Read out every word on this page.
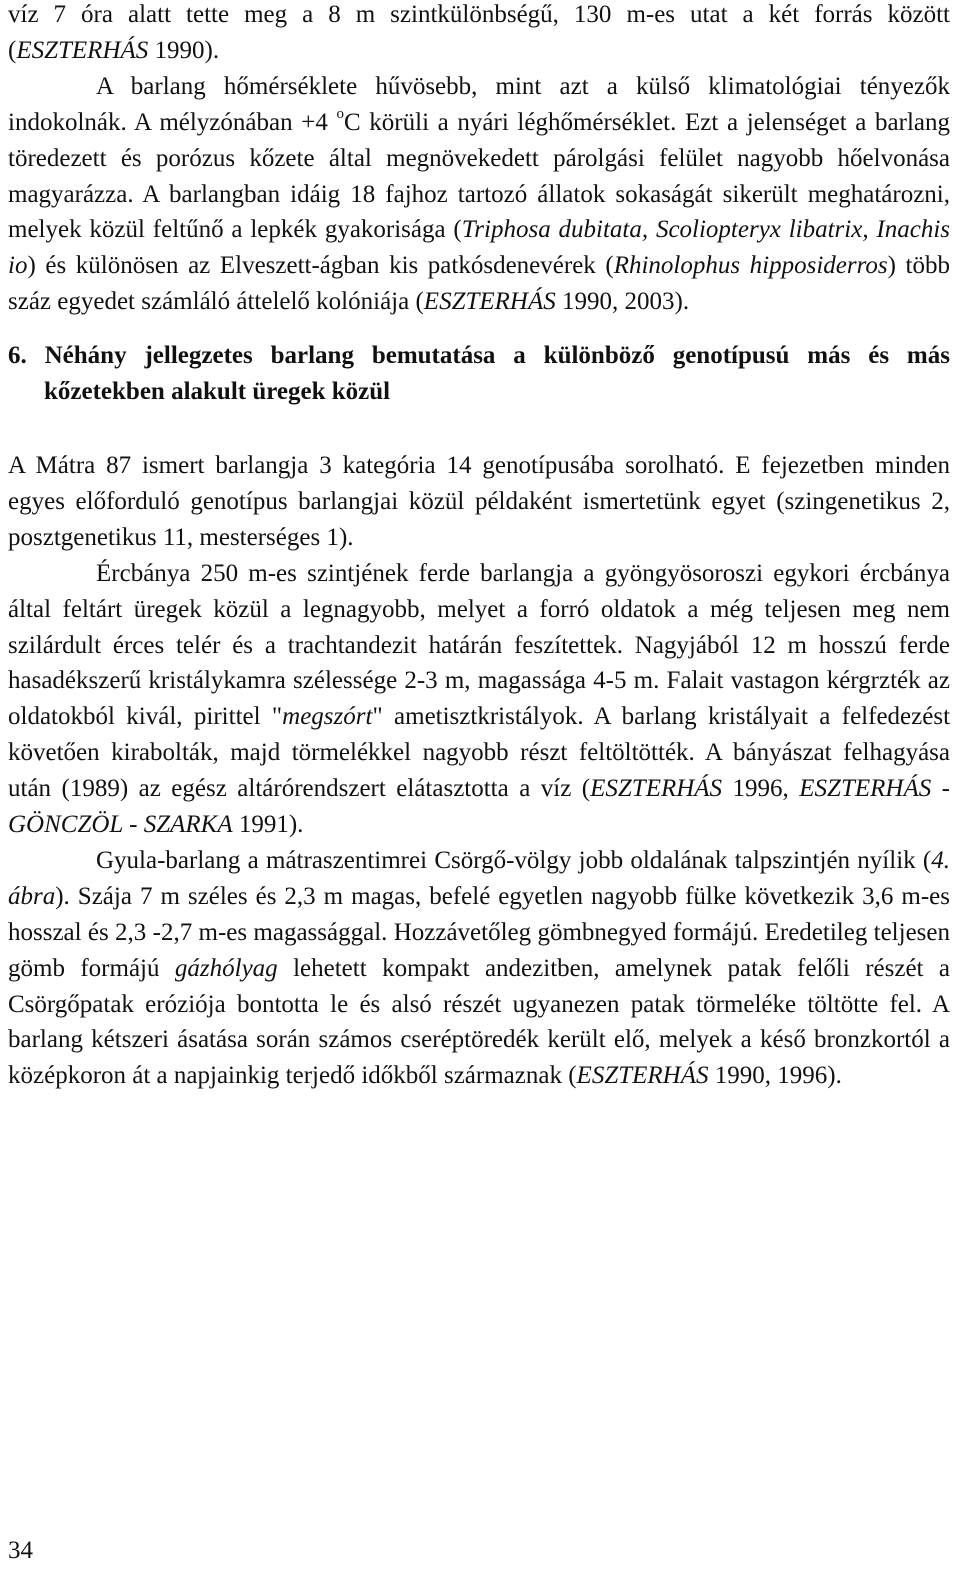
víz 7 óra alatt tette meg a 8 m szintkülönbségű, 130 m-es utat a két forrás között (ESZTERHÁS 1990).

A barlang hőmérséklete hűvösebb, mint azt a külső klimatológiai tényezők indokolnák. A mélyzónában +4 $^o$C körüli a nyári léghőmérséklet. Ezt a jelenséget a barlang töredezett és porózus kőzete által megnövekedett párolgási felület nagyobb hőelvonása magyarázza. A barlangban idáig 18 fajhoz tartozó állatok sokaságát sikerült meghatározni, melyek közül feltűnő a lepkék gyakorisága (Triphosa dubitata, Scoliopteryx libatrix, Inachis io) és különösen az Elveszett-ágban kis patkósdenevérek (Rhinolophus hipposiderros) több száz egyedet számláló áttelelő kolóniája (ESZTERHÁS 1990, 2003).

6. Néhány jellegzetes barlang bemutatása a különböző genotípusú más és más kőzetekben alakult üregek közül

A Mátra 87 ismert barlangja 3 kategória 14 genotípusába sorolható. E fejezetben minden egyes előforduló genotípus barlangjai közül példaként ismertetünk egyet (szingenetikus 2, posztgenetikus 11, mesterséges 1).

Ércbánya 250 m-es szintjének ferde barlangja a gyöngyösoroszi egykori ércbánya által feltárt üregek közül a legnagyobb, melyet a forró oldatok a még teljesen meg nem szilárdult érces telér és a trachtandezit határán feszítettek. Nagyjából 12 m hosszú ferde hasadékszerű kristálykamra szélessége 2-3 m, magassága 4-5 m. Falait vastagon kérgrzték az oldatokból kivál, pirittel "megszórt" ametisztkristályok. A barlang kristályait a felfedezést követően kirabolták, majd törmelékkel nagyobb részt feltöltötték. A bányászat felhagyása után (1989) az egész altárórendszert elátasztotta a víz (ESZTERHÁS 1996, ESZTERHÁS - GÖNCZÖL - SZARKA 1991).

Gyula-barlang a mátraszentimrei Csörgő-völgy jobb oldalának talpszintjén nyílik (4. ábra). Szája 7 m széles és 2,3 m magas, befelé egyetlen nagyobb fülke következik 3,6 m-es hosszal és 2,3 -2,7 m-es magassággal. Hozzávetőleg gömbnegyed formájú. Eredetileg teljesen gömb formájú gázhólyag lehetett kompakt andezitben, amelynek patak felőli részét a Csörgőpatak eróziója bontotta le és alsó részét ugyanezen patak törmeléke töltötte fel. A barlang kétszeri ásatása során számos cseréptöredék került elő, melyek a késő bronzkortól a középkoron át a napjainkig terjedő időkből származnak (ESZTERHÁS 1990, 1996).

34
